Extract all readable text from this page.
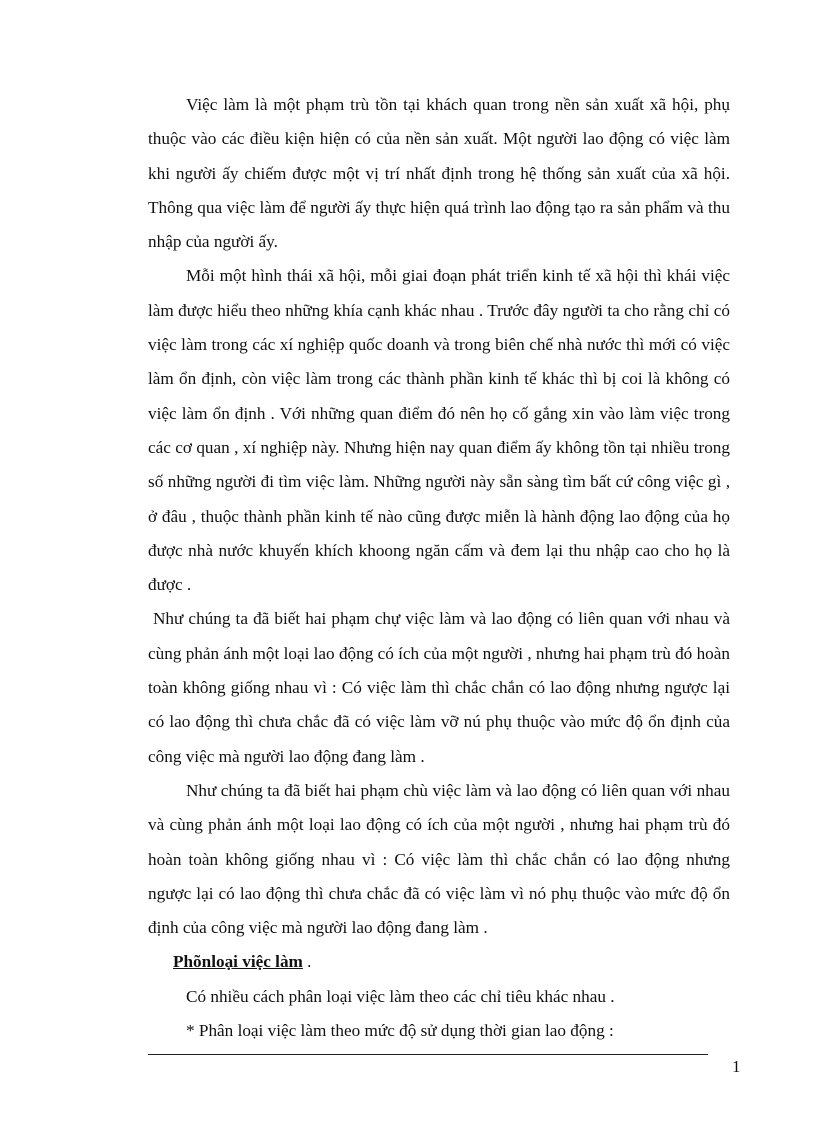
Việc làm là một phạm trù tồn tại khách quan trong nền sản xuất xã hội, phụ thuộc vào các điều kiện hiện có của nền sản xuất. Một người lao động có việc làm khi người ấy chiếm được một vị trí nhất định trong hệ thống sản xuất của xã hội. Thông qua việc làm để người ấy thực hiện quá trình lao động tạo ra sản phẩm và thu nhập của người ấy.

Mỗi một hình thái xã hội, mỗi giai đoạn phát triển kinh tế xã hội thì khái việc làm được hiểu theo những khía cạnh khác nhau . Trước đây người ta cho rằng chỉ có việc làm trong các xí nghiệp quốc doanh và trong biên chế nhà nước thì mới có việc làm ổn định, còn việc làm trong các thành phần kinh tế khác thì bị coi là không có việc làm ổn định . Với những quan điểm đó nên họ cố gắng xin vào làm việc trong các cơ quan , xí nghiệp này. Nhưng hiện nay quan điểm ấy không tồn tại nhiều trong số những người đi tìm việc làm. Những người này sẵn sàng tìm bất cứ công việc gì , ở đâu , thuộc thành phần kinh tế nào cũng được miễn là hành động lao động của họ được nhà nước khuyến khích khoong ngăn cấm và đem lại thu nhập cao cho họ là được .

Như chúng ta đã biết hai phạm chự việc làm và lao động có liên quan với nhau và cùng phản ánh một loại lao động có ích của một người , nhưng hai phạm trù đó hoàn toàn không giống nhau vì : Có việc làm thì chắc chắn có lao động nhưng ngược lại có lao động thì chưa chắc đã có việc làm vỡ nú phụ thuộc vào mức độ ổn định của công việc mà người lao động đang làm .

Như chúng ta đã biết hai phạm chù việc làm và lao động có liên quan với nhau và cùng phản ánh một loại lao động có ích của một người , nhưng hai phạm trù đó hoàn toàn không giống nhau vì : Có việc làm thì chắc chắn có lao động nhưng ngược lại có lao động thì chưa chắc đã có việc làm vì nó phụ thuộc vào mức độ ổn định của công việc mà người lao động đang làm .

Phõnloại việc làm .

Có nhiều cách phân loại việc làm theo các chỉ tiêu khác nhau .

* Phân loại việc làm theo mức độ sử dụng thời gian lao động :

1
